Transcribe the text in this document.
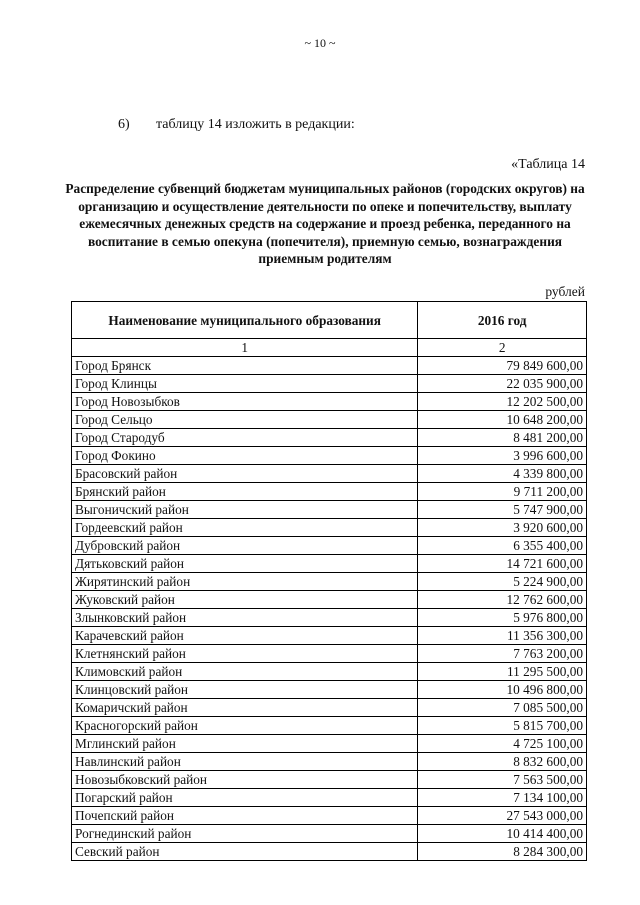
~ 10 ~
6) таблицу 14 изложить в редакции:
«Таблица 14
Распределение субвенций бюджетам муниципальных районов (городских округов) на организацию и осуществление деятельности по опеке и попечительству, выплату ежемесячных денежных средств на содержание и проезд ребенка, переданного на воспитание в семью опекуна (попечителя), приемную семью, вознаграждения приемным родителям
рублей
Наименование муниципального образования	2016 год
1	2
Город Брянск	79 849 600,00
Город Клинцы	22 035 900,00
Город Новозыбков	12 202 500,00
Город Сельцо	10 648 200,00
Город Стародуб	8 481 200,00
Город Фокино	3 996 600,00
Брасовский район	4 339 800,00
Брянский район	9 711 200,00
Выгоничский район	5 747 900,00
Гордеевский район	3 920 600,00
Дубровский район	6 355 400,00
Дятьковский район	14 721 600,00
Жирятинский район	5 224 900,00
Жуковский район	12 762 600,00
Злынковский район	5 976 800,00
Карачевский район	11 356 300,00
Клетнянский район	7 763 200,00
Климовский район	11 295 500,00
Клинцовский район	10 496 800,00
Комаричский район	7 085 500,00
Красногорский район	5 815 700,00
Мглинский район	4 725 100,00
Навлинский район	8 832 600,00
Новозыбковский район	7 563 500,00
Погарский район	7 134 100,00
Почепский район	27 543 000,00
Рогнединский район	10 414 400,00
Севский район	8 284 300,00
